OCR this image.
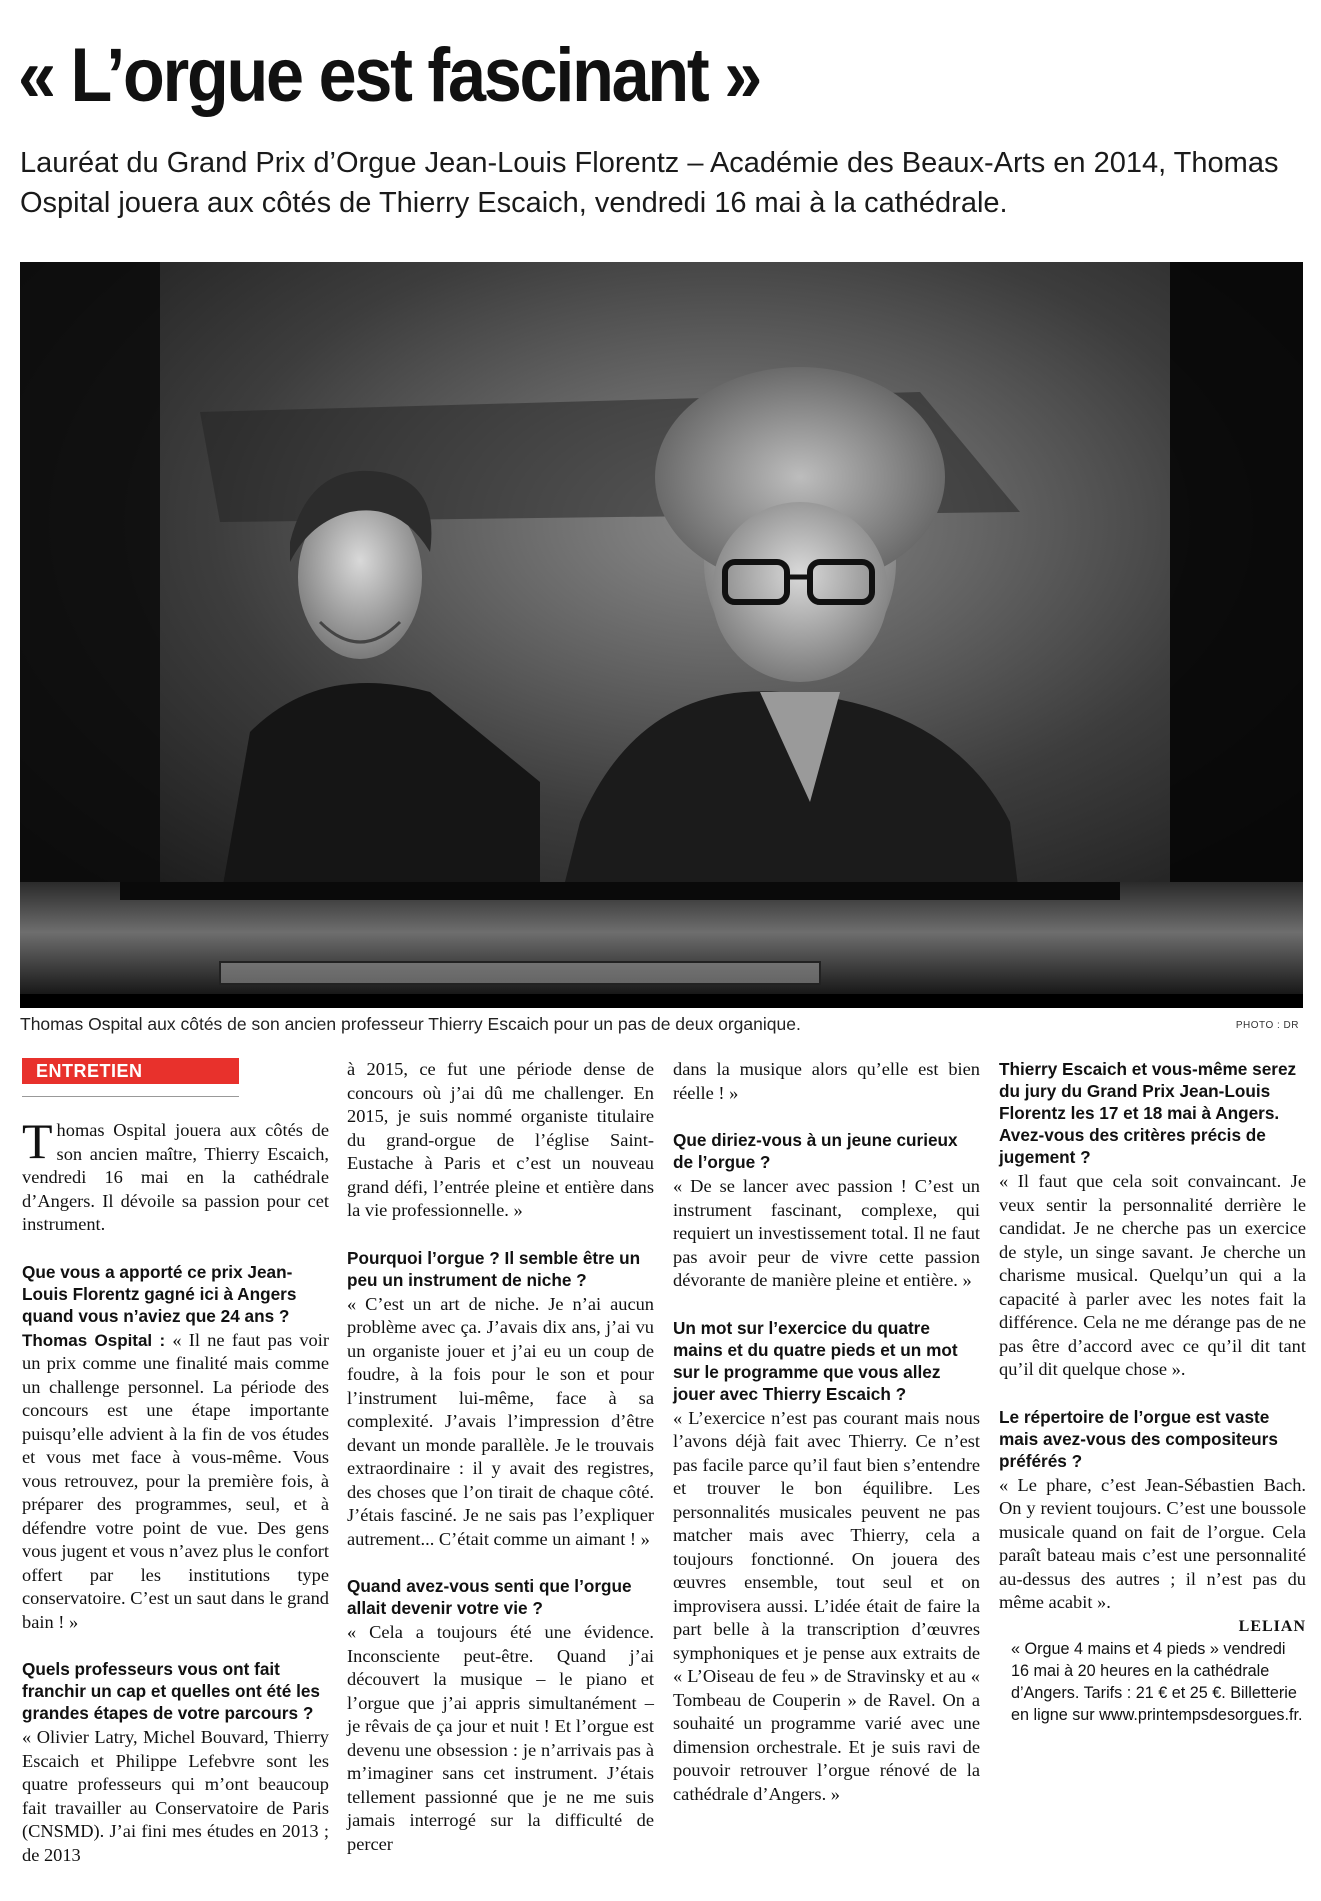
« L’orgue est fascinant »

Lauréat du Grand Prix d’Orgue Jean-Louis Florentz – Académie des Beaux-Arts en 2014, Thomas Ospital jouera aux côtés de Thierry Escaich, vendredi 16 mai à la cathédrale.

Thomas Ospital aux côtés de son ancien professeur Thierry Escaich pour un pas de deux organique.	PHOTO : DR

ENTRETIEN

Thomas Ospital jouera aux côtés de son ancien maître, Thierry Escaich, vendredi 16 mai en la cathédrale d’Angers. Il dévoile sa passion pour cet instrument.

Que vous a apporté ce prix Jean-Louis Florentz gagné ici à Angers quand vous n’aviez que 24 ans ?

Thomas Ospital : « Il ne faut pas voir un prix comme une finalité mais comme un challenge personnel. La période des concours est une étape importante puisqu’elle advient à la fin de vos études et vous met face à vous-même. Vous vous retrouvez, pour la première fois, à préparer des programmes, seul, et à défendre votre point de vue. Des gens vous jugent et vous n’avez plus le confort offert par les institutions type conservatoire. C’est un saut dans le grand bain ! »

Quels professeurs vous ont fait franchir un cap et quelles ont été les grandes étapes de votre parcours ?

« Olivier Latry, Michel Bouvard, Thierry Escaich et Philippe Lefebvre sont les quatre professeurs qui m’ont beaucoup fait travailler au Conservatoire de Paris (CNSMD). J’ai fini mes études en 2013 ; de 2013

à 2015, ce fut une période dense de concours où j’ai dû me challenger. En 2015, je suis nommé organiste titulaire du grand-orgue de l’église Saint-Eustache à Paris et c’est un nouveau grand défi, l’entrée pleine et entière dans la vie professionnelle. »

Pourquoi l’orgue ? Il semble être un peu un instrument de niche ?

« C’est un art de niche. Je n’ai aucun problème avec ça. J’avais dix ans, j’ai vu un organiste jouer et j’ai eu un coup de foudre, à la fois pour le son et pour l’instrument lui-même, face à sa complexité. J’avais l’impression d’être devant un monde parallèle. Je le trouvais extraordinaire : il y avait des registres, des choses que l’on tirait de chaque côté. J’étais fasciné. Je ne sais pas l’expliquer autrement... C’était comme un aimant ! »

Quand avez-vous senti que l’orgue allait devenir votre vie ?

« Cela a toujours été une évidence. Inconsciente peut-être. Quand j’ai découvert la musique – le piano et l’orgue que j’ai appris simultanément – je rêvais de ça jour et nuit ! Et l’orgue est devenu une obsession : je n’arrivais pas à m’imaginer sans cet instrument. J’étais tellement passionné que je ne me suis jamais interrogé sur la difficulté de percer

dans la musique alors qu’elle est bien réelle ! »

Que diriez-vous à un jeune curieux de l’orgue ?

« De se lancer avec passion ! C’est un instrument fascinant, complexe, qui requiert un investissement total. Il ne faut pas avoir peur de vivre cette passion dévorante de manière pleine et entière. »

Un mot sur l’exercice du quatre mains et du quatre pieds et un mot sur le programme que vous allez jouer avec Thierry Escaich ?

« L’exercice n’est pas courant mais nous l’avons déjà fait avec Thierry. Ce n’est pas facile parce qu’il faut bien s’entendre et trouver le bon équilibre. Les personnalités musicales peuvent ne pas matcher mais avec Thierry, cela a toujours fonctionné. On jouera des œuvres ensemble, tout seul et on improvisera aussi. L’idée était de faire la part belle à la transcription d’œuvres symphoniques et je pense aux extraits de « L’Oiseau de feu » de Stravinsky et au « Tombeau de Couperin » de Ravel. On a souhaité un programme varié avec une dimension orchestrale. Et je suis ravi de pouvoir retrouver l’orgue rénové de la cathédrale d’Angers. »

Thierry Escaich et vous-même serez du jury du Grand Prix Jean-Louis Florentz les 17 et 18 mai à Angers. Avez-vous des critères précis de jugement ?

« Il faut que cela soit convaincant. Je veux sentir la personnalité derrière le candidat. Je ne cherche pas un exercice de style, un singe savant. Je cherche un charisme musical. Quelqu’un qui a la capacité à parler avec les notes fait la différence. Cela ne me dérange pas de ne pas être d’accord avec ce qu’il dit tant qu’il dit quelque chose ».

Le répertoire de l’orgue est vaste mais avez-vous des compositeurs préférés ?

« Le phare, c’est Jean-Sébastien Bach. On y revient toujours. C’est une boussole musicale quand on fait de l’orgue. Cela paraît bateau mais c’est une personnalité au-dessus des autres ; il n’est pas du même acabit ».

LELIAN

« Orgue 4 mains et 4 pieds » vendredi 16 mai à 20 heures en la cathédrale d’Angers. Tarifs : 21 € et 25 €. Billetterie en ligne sur www.printempsdesorgues.fr.
